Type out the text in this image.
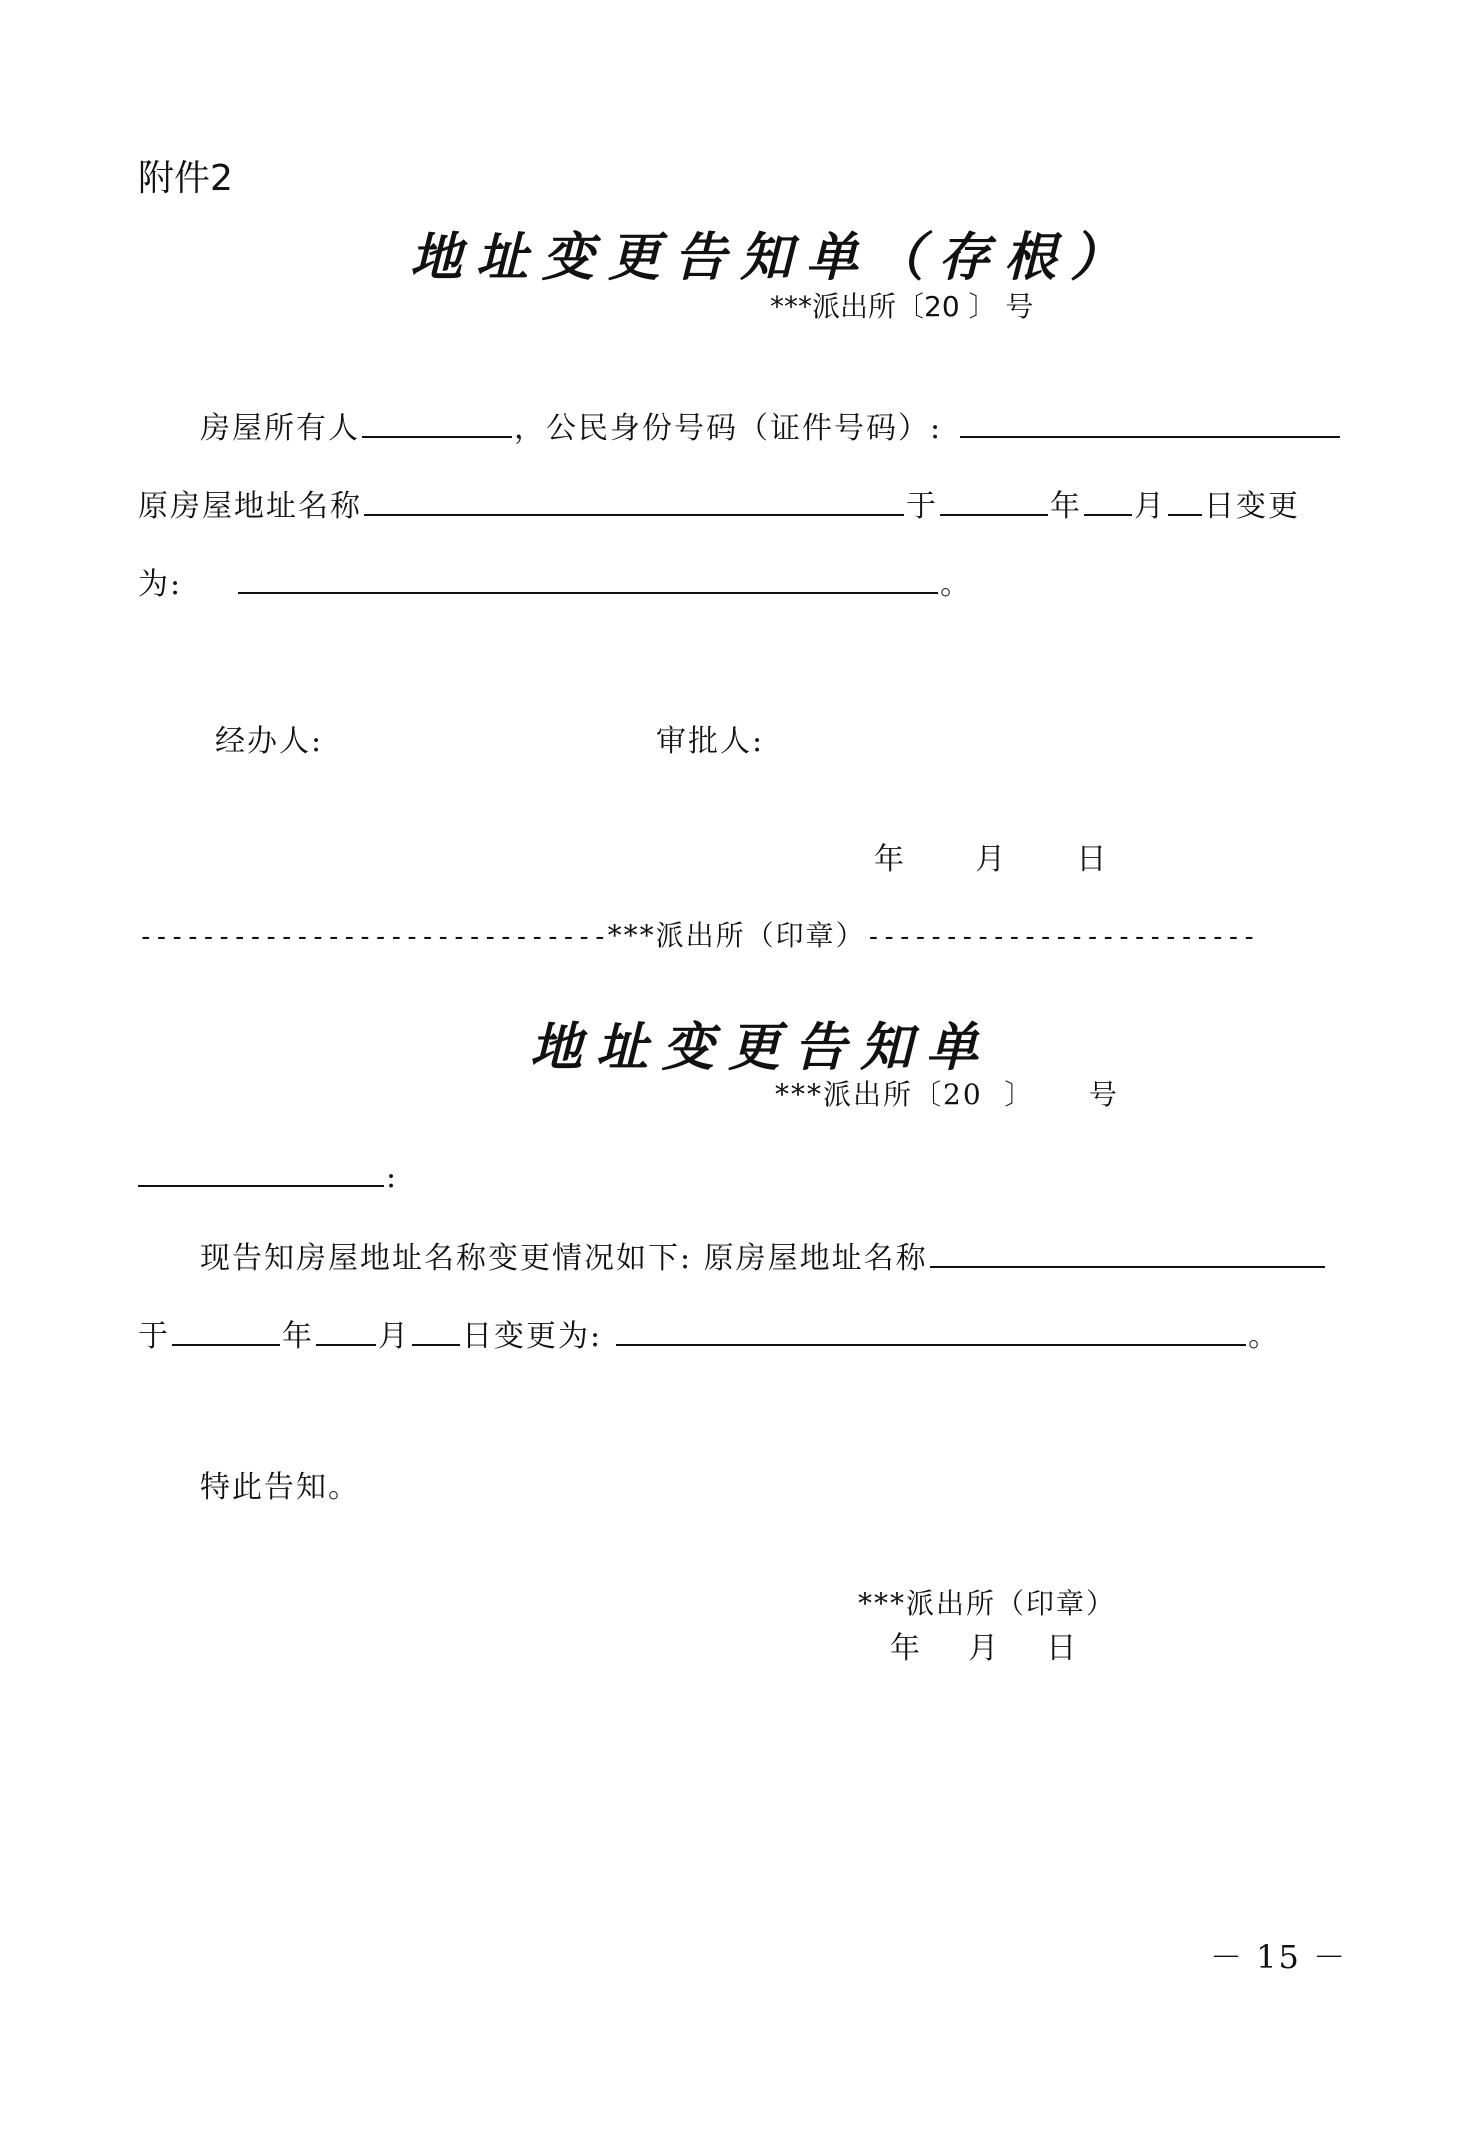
附件2
地址变更告知单（存根）
***派出所〔20 〕 号
房屋所有人	，公民身份号码（证件号码）:
原房屋地址名称	于	年 月 日变更
为:	。
经办人:	审批人:
年      月      日
------------------------------***派出所（印章）-------------------------
地址变更告知单
***派出所〔20  〕     号
:
现告知房屋地址名称变更情况如下: 原房屋地址名称
于	年 月 日变更为:	。
特此告知。
***派出所（印章）
年    月    日
－ 15 －
